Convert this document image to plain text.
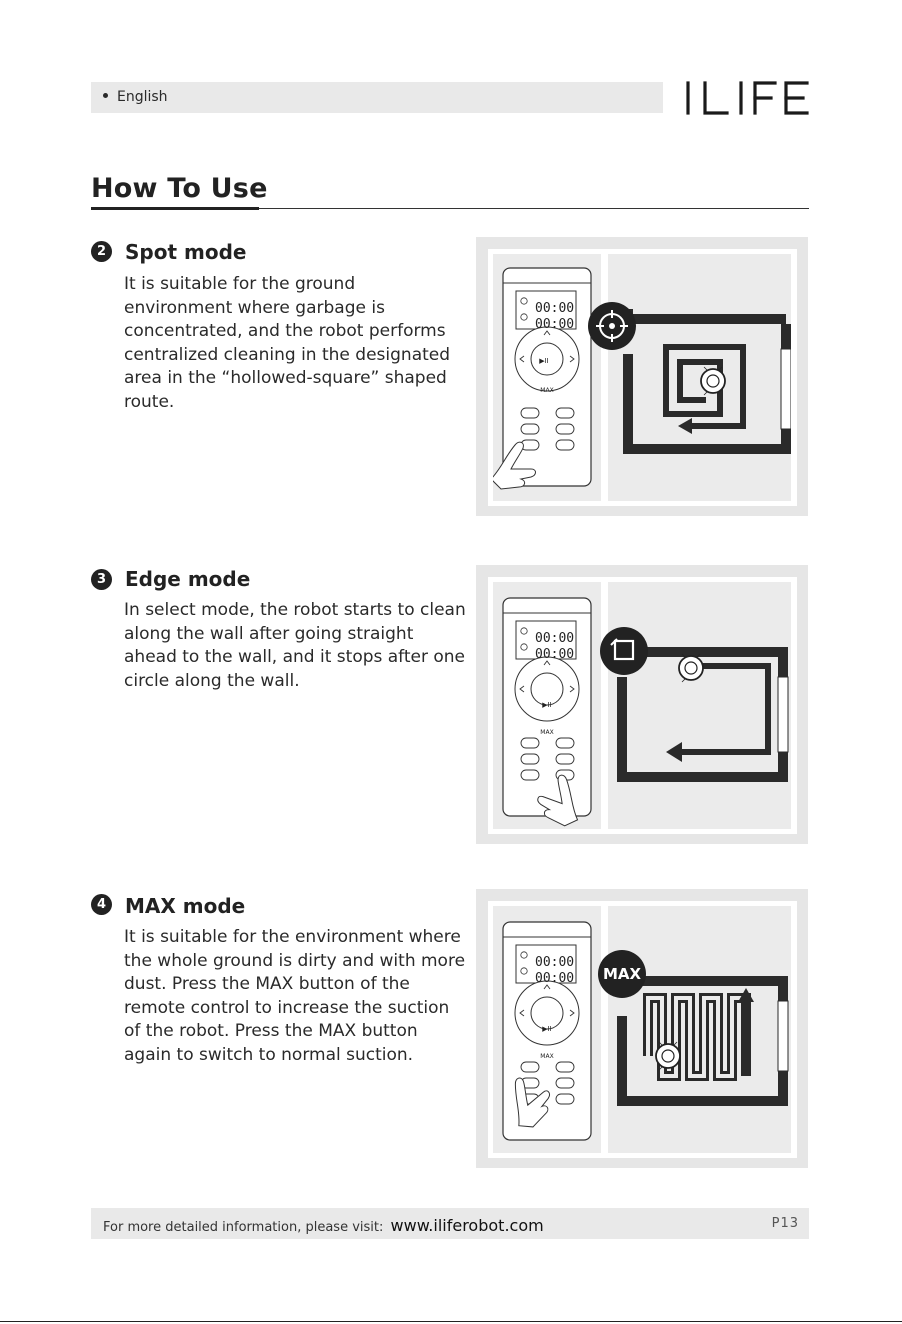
English
How To Use
2 Spot mode
It is suitable for the ground environment where garbage is concentrated, and the robot performs centralized cleaning in the designated area in the “hollowed-square” shaped route.
00:00
00:00
▶II
MAX
3 Edge mode
In select mode, the robot starts to clean along the wall after going straight ahead to the wall, and it stops after one circle along the wall.
00:00
00:00
▶II
MAX
4 MAX mode
It is suitable for the environment where the whole ground is dirty and with more dust. Press the MAX button of the remote control to increase the suction of the robot. Press the MAX button again to switch to normal suction.
00:00
00:00
▶II
MAX
MAX
For more detailed information, please visit: www.iliferobot.com	P13
